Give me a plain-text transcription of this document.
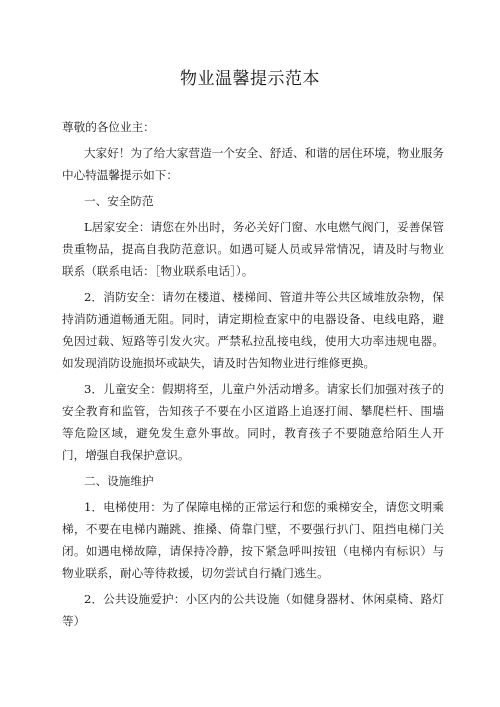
物业温馨提示范本

尊敬的各位业主：

大家好！为了给大家营造一个安全、舒适、和谐的居住环境，物业服务中心特温馨提示如下：

一、安全防范

L居家安全：请您在外出时，务必关好门窗、水电燃气阀门，妥善保管贵重物品，提高自我防范意识。如遇可疑人员或异常情况，请及时与物业联系（联系电话：［物业联系电话］）。

2．消防安全：请勿在楼道、楼梯间、管道井等公共区域堆放杂物，保持消防通道畅通无阻。同时，请定期检查家中的电器设备、电线电路，避免因过载、短路等引发火灾。严禁私拉乱接电线，使用大功率违规电器。如发现消防设施损坏或缺失，请及时告知物业进行维修更换。

3．儿童安全：假期将至，儿童户外活动增多。请家长们加强对孩子的安全教育和监管，告知孩子不要在小区道路上追逐打闹、攀爬栏杆、围墙等危险区域，避免发生意外事故。同时，教育孩子不要随意给陌生人开门，增强自我保护意识。

二、设施维护

1．电梯使用：为了保障电梯的正常运行和您的乘梯安全，请您文明乘梯，不要在电梯内蹦跳、推搡、倚靠门壁，不要强行扒门、阻挡电梯门关闭。如遇电梯故障，请保持冷静，按下紧急呼叫按钮（电梯内有标识）与物业联系，耐心等待救援，切勿尝试自行撬门逃生。

2．公共设施爱护：小区内的公共设施（如健身器材、休闲桌椅、路灯等）
